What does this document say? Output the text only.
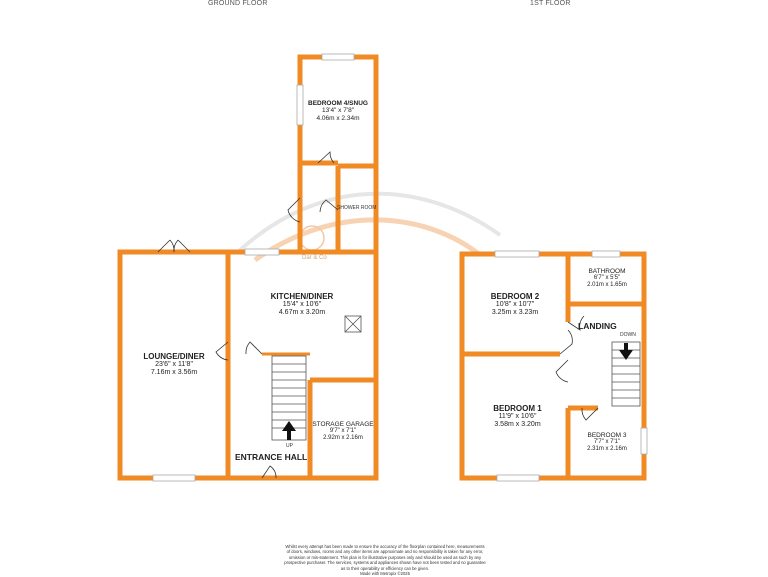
GROUND FLOOR	1ST FLOOR
Dar & Co
BEDROOM 4/SNUG
13'4" x 7'8"
4.06m x 2.34m
SHOWER ROOM
KITCHEN/DINER
15'4" x 10'6"
4.67m x 3.20m
LOUNGE/DINER
23'6" x 11'8"
7.16m x 3.56m
STORAGE GARAGE
9'7" x 7'1"
2.92m x 2.16m
UP
ENTRANCE HALL
BEDROOM 2
10'8" x 10'7"
3.25m x 3.23m
BATHROOM
6'7" x 5'5"
2.01m x 1.65m
LANDING
DOWN
BEDROOM 1
11'9" x 10'6"
3.58m x 3.20m
BEDROOM 3
7'7" x 7'1"
2.31m x 2.16m
Whilst every attempt has been made to ensure the accuracy of the floorplan contained here, measurements
of doors, windows, rooms and any other items are approximate and no responsibility is taken for any error,
omission or mis-statement. This plan is for illustrative purposes only and should be used as such by any
prospective purchaser. The services, systems and appliances shown have not been tested and no guarantee
as to their operability or efficiency can be given.
Made with Metropix ©2025
